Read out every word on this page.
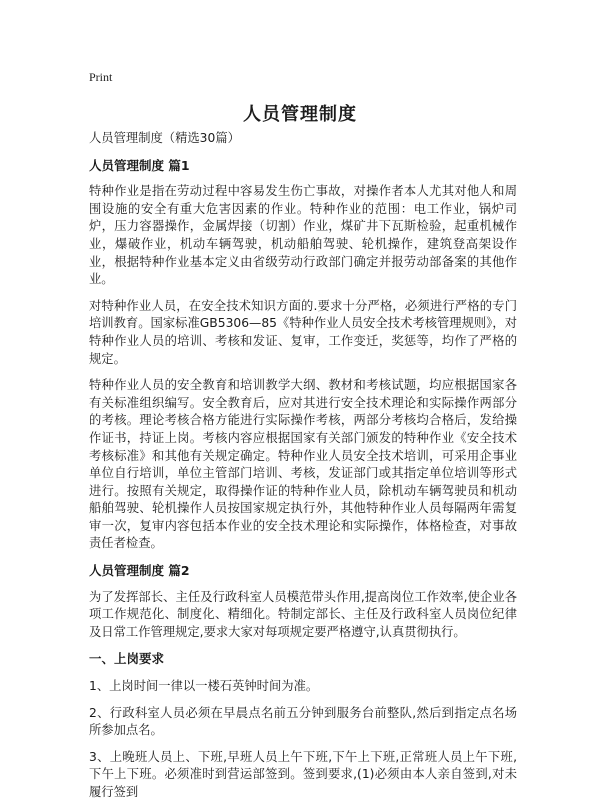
Print
人员管理制度

人员管理制度（精选30篇）

人员管理制度 篇1

特种作业是指在劳动过程中容易发生伤亡事故，对操作者本人尤其对他人和周围设施的安全有重大危害因素的作业。特种作业的范围：电工作业，锅炉司炉，压力容器操作，金属焊接（切割）作业，煤矿井下瓦斯检验，起重机械作业，爆破作业，机动车辆驾驶，机动船舶驾驶、轮机操作，建筑登高架设作业，根据特种作业基本定义由省级劳动行政部门确定并报劳动部备案的其他作业。

对特种作业人员，在安全技术知识方面的.要求十分严格，必须进行严格的专门培训教育。国家标准GB5306—85《特种作业人员安全技术考核管理规则》，对特种作业人员的培训、考核和发证、复审，工作变迁，奖惩等，均作了严格的规定。

特种作业人员的安全教育和培训教学大纲、教材和考核试题，均应根据国家各有关标准组织编写。安全教育后，应对其进行安全技术理论和实际操作两部分的考核。理论考核合格方能进行实际操作考核，两部分考核均合格后，发给操作证书，持证上岗。考核内容应根据国家有关部门颁发的特种作业《安全技术考核标准》和其他有关规定确定。特种作业人员安全技术培训，可采用企事业单位自行培训，单位主管部门培训、考核，发证部门或其指定单位培训等形式进行。按照有关规定，取得操作证的特种作业人员，除机动车辆驾驶员和机动船舶驾驶、轮机操作人员按国家规定执行外，其他特种作业人员每隔两年需复审一次，复审内容包括本作业的安全技术理论和实际操作，体格检查，对事故责任者检查。

人员管理制度 篇2

为了发挥部长、主任及行政科室人员模范带头作用,提高岗位工作效率,使企业各项工作规范化、制度化、精细化。特制定部长、主任及行政科室人员岗位纪律及日常工作管理规定,要求大家对每项规定要严格遵守,认真贯彻执行。

一、上岗要求

1、上岗时间一律以一楼石英钟时间为准。

2、行政科室人员必须在早晨点名前五分钟到服务台前整队,然后到指定点名场所参加点名。

3、上晚班人员上、下班,早班人员上午下班,下午上下班,正常班人员上午下班,下午上下班。必须准时到营运部签到。签到要求,(1)必须由本人亲自签到,对未履行签到
